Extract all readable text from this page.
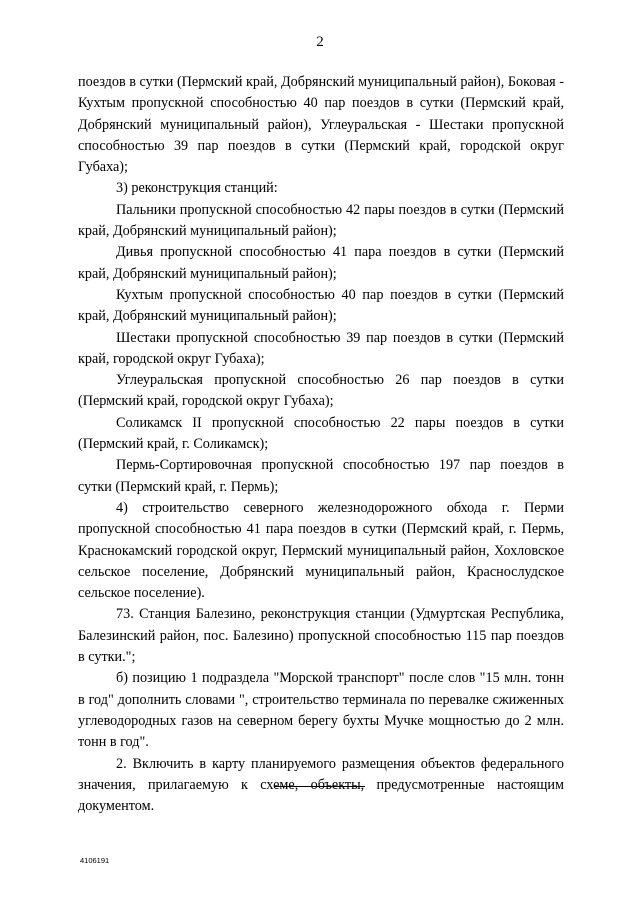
2

поездов в сутки (Пермский край, Добрянский муниципальный район), Боковая - Кухтым пропускной способностью 40 пар поездов в сутки (Пермский край, Добрянский муниципальный район), Углеуральская - Шестаки пропускной способностью 39 пар поездов в сутки (Пермский край, городской округ Губаха);

3) реконструкция станций:

Пальники пропускной способностью 42 пары поездов в сутки (Пермский край, Добрянский муниципальный район);

Дивья пропускной способностью 41 пара поездов в сутки (Пермский край, Добрянский муниципальный район);

Кухтым пропускной способностью 40 пар поездов в сутки (Пермский край, Добрянский муниципальный район);

Шестаки пропускной способностью 39 пар поездов в сутки (Пермский край, городской округ Губаха);

Углеуральская пропускной способностью 26 пар поездов в сутки (Пермский край, городской округ Губаха);

Соликамск II пропускной способностью 22 пары поездов в сутки (Пермский край, г. Соликамск);

Пермь-Сортировочная пропускной способностью 197 пар поездов в сутки (Пермский край, г. Пермь);

4) строительство северного железнодорожного обхода г. Перми пропускной способностью 41 пара поездов в сутки (Пермский край, г. Пермь, Краснокамский городской округ, Пермский муниципальный район, Хохловское сельское поселение, Добрянский муниципальный район, Краснослудское сельское поселение).

73. Станция Балезино, реконструкция станции (Удмуртская Республика, Балезинский район, пос. Балезино) пропускной способностью 115 пар поездов в сутки.";

б) позицию 1 подраздела "Морской транспорт" после слов "15 млн. тонн в год" дополнить словами ", строительство терминала по перевалке сжиженных углеводородных газов на северном берегу бухты Мучке мощностью до 2 млн. тонн в год".

2. Включить в карту планируемого размещения объектов федерального значения, прилагаемую к схеме, объекты, предусмотренные настоящим документом.

4106191
